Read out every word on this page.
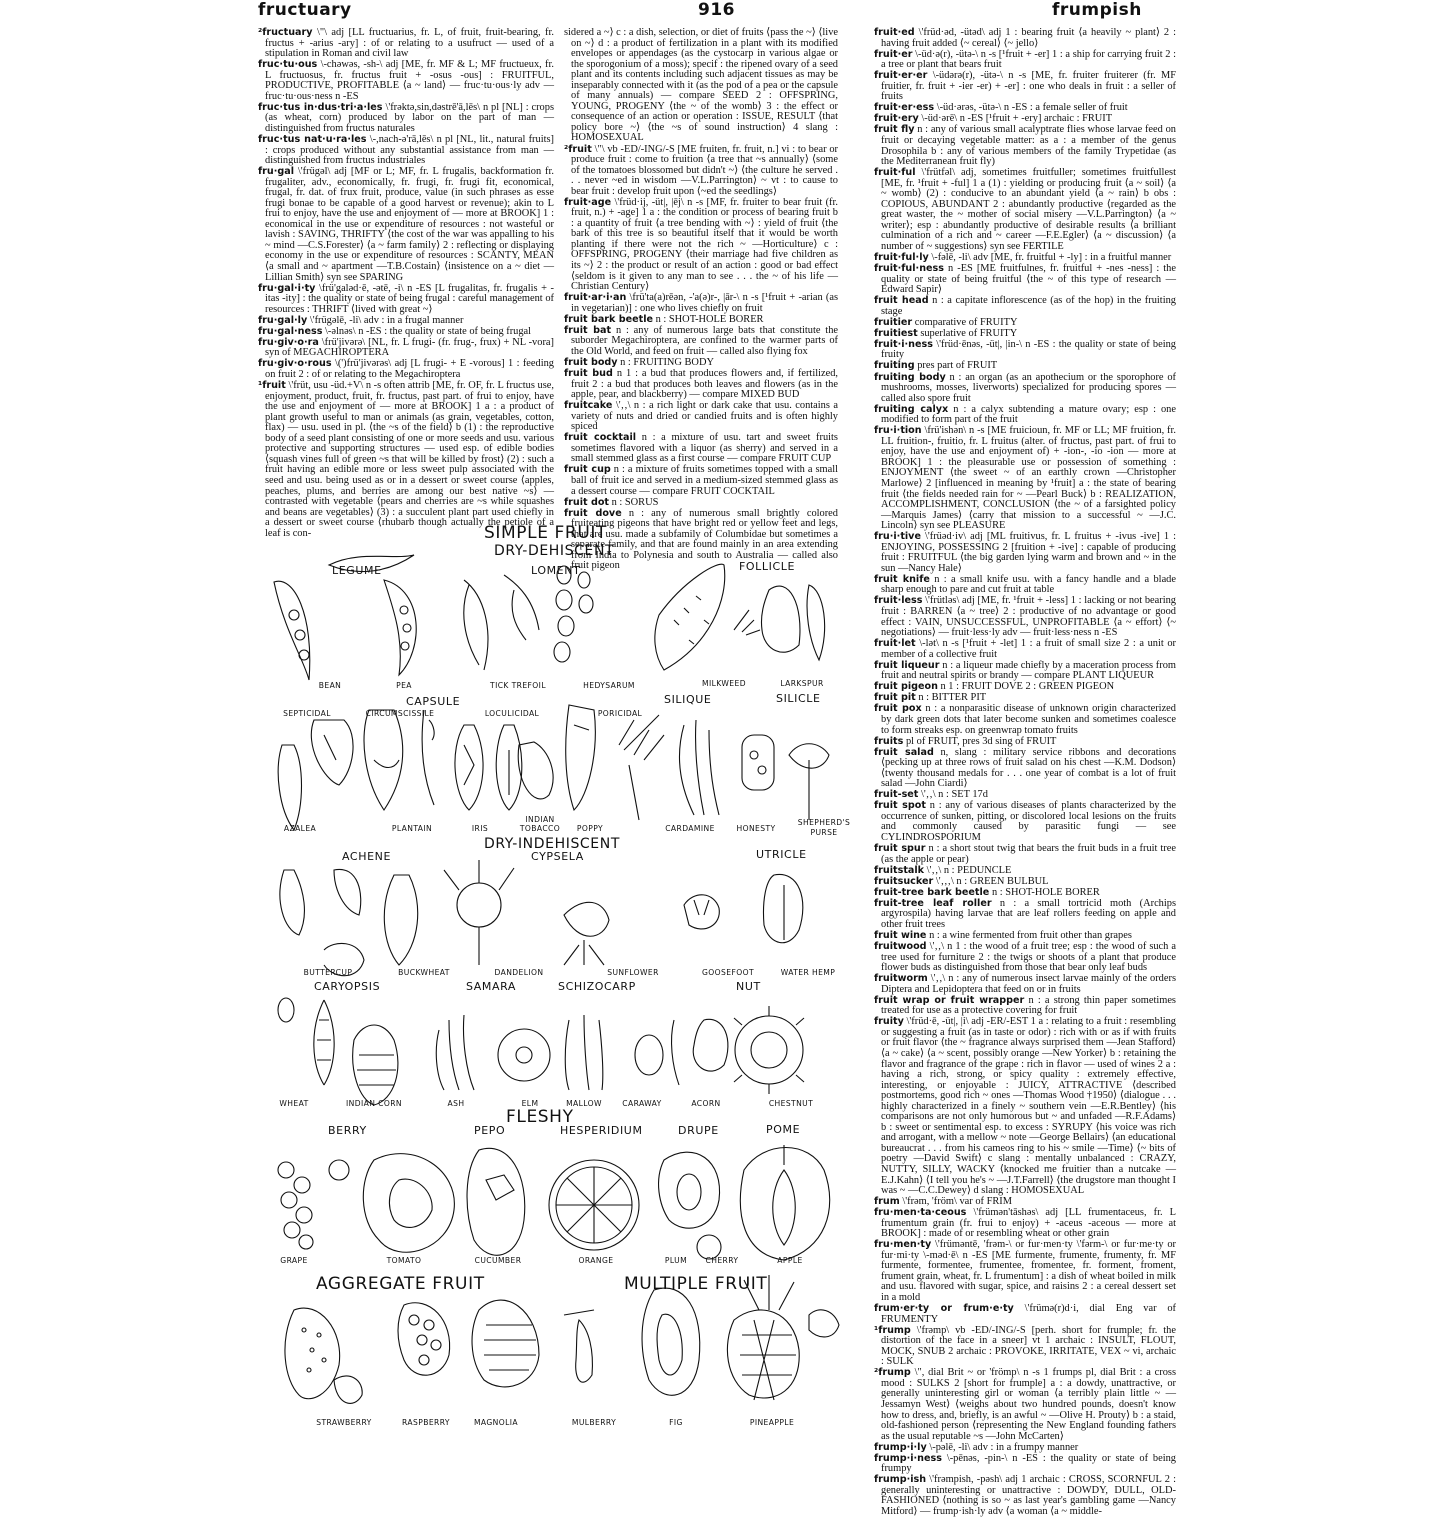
fructuary	916	frumpish

²fructuary \"\ adj [LL fructuarius, fr. L, of fruit, fruit-bearing, fr. fructus + -arius -ary] : of or relating to a usufruct — used of a stipulation in Roman and civil law

fruc·tu·ous \-chəwəs, -sh-\ adj [ME, fr. MF & L; MF fructueux, fr. L fructuosus, fr. fructus fruit + -osus -ous] : FRUITFUL, PRODUCTIVE, PROFITABLE ⟨a ~ land⟩ — fruc·tu·ous·ly adv — fruc·tu·ous·ness n -ES

fruc·tus in·dus·tri·a·les \'frəktə,sin,dəstrē'ā,lēs\ n pl [NL] : crops (as wheat, corn) produced by labor on the part of man — distinguished from fructus naturales

fruc·tus nat·u·ra·les \-,nach-ə'rā,lēs\ n pl [NL, lit., natural fruits] : crops produced without any substantial assistance from man — distinguished from fructus industriales

fru·gal \'frügəl\ adj [MF or L; MF, fr. L frugalis, backformation fr. frugaliter, adv., economically, fr. frugi, fr. frugi fit, economical, frugal, fr. dat. of frux fruit, produce, value (in such phrases as esse frugi bonae to be capable of a good harvest or revenue); akin to L frui to enjoy, have the use and enjoyment of — more at BROOK] 1 : economical in the use or expenditure of resources : not wasteful or lavish : SAVING, THRIFTY ⟨the cost of the war was appalling to his ~ mind —C.S.Forester⟩ ⟨a ~ farm family⟩ 2 : reflecting or displaying economy in the use or expenditure of resources : SCANTY, MEAN ⟨a small and ~ apartment —T.B.Costain⟩ ⟨insistence on a ~ diet —Lillian Smith⟩ syn see SPARING

fru·gal·i·ty \frü'galəd·ē, -ətē, -i\ n -ES [L frugalitas, fr. frugalis + -itas -ity] : the quality or state of being frugal : careful management of resources : THRIFT ⟨lived with great ~⟩

fru·gal·ly \'frügəlē, -li\ adv : in a frugal manner

fru·gal·ness \-əlnəs\ n -ES : the quality or state of being frugal

fru·giv·o·ra \frü'jivərə\ [NL, fr. L frugi- (fr. frug-, frux) + NL -vora] syn of MEGACHIROPTERA

fru·giv·o·rous \(')frü'jivərəs\ adj [L frugi- + E -vorous] 1 : feeding on fruit 2 : of or relating to the Megachiroptera

¹fruit \'früt, usu -üd.+V\ n -s often attrib [ME, fr. OF, fr. L fructus use, enjoyment, product, fruit, fr. fructus, past part. of frui to enjoy, have the use and enjoyment of — more at BROOK] 1 a : a product of plant growth useful to man or animals (as grain, vegetables, cotton, flax) — usu. used in pl. ⟨the ~s of the field⟩ b (1) : the reproductive body of a seed plant consisting of one or more seeds and usu. various protective and supporting structures — used esp. of edible bodies ⟨squash vines full of green ~s that will be killed by frost⟩ (2) : such a fruit having an edible more or less sweet pulp associated with the seed and usu. being used as or in a dessert or sweet course ⟨apples, peaches, plums, and berries are among our best native ~s⟩ — contrasted with vegetable ⟨pears and cherries are ~s while squashes and beans are vegetables⟩ (3) : a succulent plant part used chiefly in a dessert or sweet course ⟨rhubarb though actually the petiole of a leaf is con-

sidered a ~⟩ c : a dish, selection, or diet of fruits ⟨pass the ~⟩ ⟨live on ~⟩ d : a product of fertilization in a plant with its modified envelopes or appendages (as the cystocarp in various algae or the sporogonium of a moss); specif : the ripened ovary of a seed plant and its contents including such adjacent tissues as may be inseparably connected with it (as the pod of a pea or the capsule of many annuals) — compare SEED 2 : OFFSPRING, YOUNG, PROGENY ⟨the ~ of the womb⟩ 3 : the effect or consequence of an action or operation : ISSUE, RESULT ⟨that policy bore ~⟩ ⟨the ~s of sound instruction⟩ 4 slang : HOMOSEXUAL

²fruit \"\ vb -ED/-ING/-S [ME fruiten, fr. fruit, n.] vi : to bear or produce fruit : come to fruition ⟨a tree that ~s annually⟩ ⟨some of the tomatoes blossomed but didn't ~⟩ ⟨the culture he served . . . never ~ed in wisdom —V.L.Parrington⟩ ~ vt : to cause to bear fruit : develop fruit upon ⟨~ed the seedlings⟩

fruit·age \'früd·ij, -üt|, |ēj\ n -s [MF, fr. fruiter to bear fruit (fr. fruit, n.) + -age] 1 a : the condition or process of bearing fruit b : a quantity of fruit ⟨a tree bending with ~⟩ : yield of fruit ⟨the bark of this tree is so beautiful itself that it would be worth planting if there were not the rich ~ —Horticulture⟩ c : OFFSPRING, PROGENY ⟨their marriage had five children as its ~⟩ 2 : the product or result of an action : good or bad effect ⟨seldom is it given to any man to see . . . the ~ of his life —Christian Century⟩

fruit·ar·i·an \frü'ta(a)rēən, -'a(ə)r-, |ār-\ n -s [¹fruit + -arian (as in vegetarian)] : one who lives chiefly on fruit

fruit bark beetle n : SHOT-HOLE BORER

fruit bat n : any of numerous large bats that constitute the suborder Megachiroptera, are confined to the warmer parts of the Old World, and feed on fruit — called also flying fox

fruit body n : FRUITING BODY

fruit bud n 1 : a bud that produces flowers and, if fertilized, fruit 2 : a bud that produces both leaves and flowers (as in the apple, pear, and blackberry) — compare MIXED BUD

fruitcake \'‚‚\ n : a rich light or dark cake that usu. contains a variety of nuts and dried or candied fruits and is often highly spiced

fruit cocktail n : a mixture of usu. tart and sweet fruits sometimes flavored with a liquor (as sherry) and served in a small stemmed glass as a first course — compare FRUIT CUP

fruit cup n : a mixture of fruits sometimes topped with a small ball of fruit ice and served in a medium-sized stemmed glass as a dessert course — compare FRUIT COCKTAIL

fruit dot n : SORUS

fruit dove n : any of numerous small brightly colored fruiteating pigeons that have bright red or yellow feet and legs, that are usu. made a subfamily of Columbidae but sometimes a separate family, and that are found mainly in an area extending from India to Polynesia and south to Australia — called also fruit pigeon

fruit·ed \'früd·əd, -ütəd\ adj 1 : bearing fruit ⟨a heavily ~ plant⟩ 2 : having fruit added ⟨~ cereal⟩ ⟨~ jello⟩

fruit·er \-üd·ə(r), -ütə-\ n -s [¹fruit + -er] 1 : a ship for carrying fruit 2 : a tree or plant that bears fruit

fruit·er·er \-üdərə(r), -ütə-\ n -s [ME, fr. fruiter fruiterer (fr. MF fruitier, fr. fruit + -ier -er) + -er] : one who deals in fruit : a seller of fruits

fruit·er·ess \-üd·ərəs, -ütə-\ n -ES : a female seller of fruit

fruit·ery \-üd·ərē\ n -ES [¹fruit + -ery] archaic : FRUIT

fruit fly n : any of various small acalyptrate flies whose larvae feed on fruit or decaying vegetable matter: as a : a member of the genus Drosophila b : any of various members of the family Trypetidae (as the Mediterranean fruit fly)

fruit·ful \'frütfəl\ adj, sometimes fruitfuller; sometimes fruitfullest [ME, fr. ¹fruit + -ful] 1 a (1) : yielding or producing fruit ⟨a ~ soil⟩ ⟨a ~ womb⟩ (2) : conducive to an abundant yield ⟨a ~ rain⟩ b obs : COPIOUS, ABUNDANT 2 : abundantly productive ⟨regarded as the great waster, the ~ mother of social misery —V.L.Parrington⟩ ⟨a ~ writer⟩; esp : abundantly productive of desirable results ⟨a brilliant culmination of a rich and ~ career —F.E.Egler⟩ ⟨a ~ discussion⟩ ⟨a number of ~ suggestions⟩ syn see FERTILE

fruit·ful·ly \-fəlē, -li\ adv [ME, fr. fruitful + -ly] : in a fruitful manner

fruit·ful·ness n -ES [ME fruitfulnes, fr. fruitful + -nes -ness] : the quality or state of being fruitful ⟨the ~ of this type of research —Edward Sapir⟩

fruit head n : a capitate inflorescence (as of the hop) in the fruiting stage

fruitier comparative of FRUITY

fruitiest superlative of FRUITY

fruit·i·ness \'früd·ēnəs, -üt|, |in-\ n -ES : the quality or state of being fruity

fruiting pres part of FRUIT

fruiting body n : an organ (as an apothecium or the sporophore of mushrooms, mosses, liverworts) specialized for producing spores — called also spore fruit

fruiting calyx n : a calyx subtending a mature ovary; esp : one modified to form part of the fruit

fru·i·tion \frü'ishən\ n -s [ME fruicioun, fr. MF or LL; MF fruition, fr. LL fruition-, fruitio, fr. L fruitus (alter. of fructus, past part. of frui to enjoy, have the use and enjoyment of) + -ion-, -io -ion — more at BROOK] 1 : the pleasurable use or possession of something : ENJOYMENT ⟨the sweet ~ of an earthly crown —Christopher Marlowe⟩ 2 [influenced in meaning by ¹fruit] a : the state of bearing fruit ⟨the fields needed rain for ~ —Pearl Buck⟩ b : REALIZATION, ACCOMPLISHMENT, CONCLUSION ⟨the ~ of a farsighted policy —Marquis James⟩ ⟨carry that mission to a successful ~ —J.C. Lincoln⟩ syn see PLEASURE

fru·i·tive \'früəd·iv\ adj [ML fruitivus, fr. L fruitus + -ivus -ive] 1 : ENJOYING, POSSESSING 2 [fruition + -ive] : capable of producing fruit : FRUITFUL ⟨the big garden lying warm and brown and ~ in the sun —Nancy Hale⟩

fruit knife n : a small knife usu. with a fancy handle and a blade sharp enough to pare and cut fruit at table

fruit·less \'frütləs\ adj [ME, fr. ¹fruit + -less] 1 : lacking or not bearing fruit : BARREN ⟨a ~ tree⟩ 2 : productive of no advantage or good effect : VAIN, UNSUCCESSFUL, UNPROFITABLE ⟨a ~ effort⟩ ⟨~ negotiations⟩ — fruit·less·ly adv — fruit·less·ness n -ES

fruit·let \-lət\ n -s [¹fruit + -let] 1 : a fruit of small size 2 : a unit or member of a collective fruit

fruit liqueur n : a liqueur made chiefly by a maceration process from fruit and neutral spirits or brandy — compare PLANT LIQUEUR

fruit pigeon n 1 : FRUIT DOVE 2 : GREEN PIGEON

fruit pit n : BITTER PIT

fruit pox n : a nonparasitic disease of unknown origin characterized by dark green dots that later become sunken and sometimes coalesce to form streaks esp. on greenwrap tomato fruits

fruits pl of FRUIT, pres 3d sing of FRUIT

fruit salad n, slang : military service ribbons and decorations ⟨pecking up at three rows of fruit salad on his chest —K.M. Dodson⟩ ⟨twenty thousand medals for . . . one year of combat is a lot of fruit salad —John Ciardi⟩

fruit-set \'‚‚\ n : SET 17d

fruit spot n : any of various diseases of plants characterized by the occurrence of sunken, pitting, or discolored local lesions on the fruits and commonly caused by parasitic fungi — see CYLINDROSPORIUM

fruit spur n : a short stout twig that bears the fruit buds in a fruit tree (as the apple or pear)

fruitstalk \'‚‚\ n : PEDUNCLE

fruitsucker \'‚‚‚\ n : GREEN BULBUL

fruit-tree bark beetle n : SHOT-HOLE BORER

fruit-tree leaf roller n : a small tortricid moth (Archips argyrospila) having larvae that are leaf rollers feeding on apple and other fruit trees

fruit wine n : a wine fermented from fruit other than grapes

fruitwood \'‚‚\ n 1 : the wood of a fruit tree; esp : the wood of such a tree used for furniture 2 : the twigs or shoots of a plant that produce flower buds as distinguished from those that bear only leaf buds

fruitworm \'‚‚\ n : any of numerous insect larvae mainly of the orders Diptera and Lepidoptera that feed on or in fruits

fruit wrap or fruit wrapper n : a strong thin paper sometimes treated for use as a protective covering for fruit

fruity \'früd·ē, -üt|, |i\ adj -ER/-EST 1 a : relating to a fruit : resembling or suggesting a fruit (as in taste or odor) : rich with or as if with fruits or fruit flavor ⟨the ~ fragrance always surprised them —Jean Stafford⟩ ⟨a ~ cake⟩ ⟨a ~ scent, possibly orange —New Yorker⟩ b : retaining the flavor and fragrance of the grape : rich in flavor — used of wines 2 a : having a rich, strong, or spicy quality : extremely effective, interesting, or enjoyable : JUICY, ATTRACTIVE ⟨described postmortems, good rich ~ ones —Thomas Wood †1950⟩ ⟨dialogue . . . highly characterized in a finely ~ southern vein —E.R.Bentley⟩ ⟨his comparisons are not only humorous but ~ and unfaded —R.F.Adams⟩ b : sweet or sentimental esp. to excess : SYRUPY ⟨his voice was rich and arrogant, with a mellow ~ note —George Bellairs⟩ ⟨an educational bureaucrat . . . from his cameos ring to his ~ smile —Time⟩ ⟨~ bits of poetry —David Swift⟩ c slang : mentally unbalanced : CRAZY, NUTTY, SILLY, WACKY ⟨knocked me fruitier than a nutcake —E.J.Kahn⟩ ⟨I tell you he's ~ —J.T.Farrell⟩ ⟨the drugstore man thought I was ~ —C.C.Dewey⟩ d slang : HOMOSEXUAL

frum \'frəm, 'fröm\ var of FRIM

fru·men·ta·ceous \'frümən'tāshəs\ adj [LL frumentaceus, fr. L frumentum grain (fr. frui to enjoy) + -aceus -aceous — more at BROOK] : made of or resembling wheat or other grain

fru·men·ty \'früməntē, 'frəm-\ or fur·men·ty \'fərm-\ or fur·me·ty or fur·mi·ty \-məd·ē\ n -ES [ME furmente, frumente, frumenty, fr. MF furmente, formentee, frumentee, fromentee, fr. forment, froment, frument grain, wheat, fr. L frumentum] : a dish of wheat boiled in milk and usu. flavored with sugar, spice, and raisins 2 : a cereal dessert set in a mold

frum·er·ty or frum·e·ty \'frümə(r)d·i, dial Eng var of FRUMENTY

¹frump \'frəmp\ vb -ED/-ING/-S [perh. short for frumple; fr. the distortion of the face in a sneer] vt 1 archaic : INSULT, FLOUT, MOCK, SNUB 2 archaic : PROVOKE, IRRITATE, VEX ~ vi, archaic : SULK

²frump \", dial Brit ~ or 'frömp\ n -s 1 frumps pl, dial Brit : a cross mood : SULKS 2 [short for frumple] a : a dowdy, unattractive, or generally uninteresting girl or woman ⟨a terribly plain little ~ —Jessamyn West⟩ ⟨weighs about two hundred pounds, doesn't know how to dress, and, briefly, is an awful ~ —Olive H. Prouty⟩ b : a staid, old-fashioned person ⟨representing the New England founding fathers as the usual reputable ~s —John McCarten⟩

frump·i·ly \-pəlē, -li\ adv : in a frumpy manner

frump·i·ness \-pēnəs, -pin-\ n -ES : the quality or state of being frumpy

frump·ish \'frəmpish, -pəsh\ adj 1 archaic : CROSS, SCORNFUL 2 : generally uninteresting or unattractive : DOWDY, DULL, OLD-FASHIONED ⟨nothing is so ~ as last year's gambling game —Nancy Mitford⟩ — frump·ish·ly adv ⟨a woman ⟨a ~ middle-

SIMPLE FRUIT
DRY-DEHISCENT
LEGUME	LOMENT	FOLLICLE
BEAN	PEA	TICK TREFOIL	HEDYSARUM	MILKWEED	LARKSPUR
CAPSULE	SILIQUE	SILICLE
SEPTICIDAL	CIRCUMSCISSILE	LOCULICIDAL	PORICIDAL
AZALEA	PLANTAIN	IRIS
INDIAN
TOBACCO POPPY	CARDAMINE	HONESTY
SHEPHERD'S
PURSE
DRY-INDEHISCENT
ACHENE	CYPSELA	UTRICLE
BUTTERCUP	BUCKWHEAT	DANDELION	SUNFLOWER	GOOSEFOOT	WATER HEMP
CARYOPSIS	SAMARA	SCHIZOCARP	NUT
WHEAT	INDIAN CORN	ASH	ELM	MALLOW	CARAWAY	ACORN	CHESTNUT
FLESHY
BERRY	PEPO	HESPERIDIUM	DRUPE	POME
GRAPE	TOMATO	CUCUMBER	ORANGE	PLUM CHERRY	APPLE
AGGREGATE FRUIT	MULTIPLE FRUIT
STRAWBERRY	RASPBERRY	MAGNOLIA	MULBERRY	FIG	PINEAPPLE
